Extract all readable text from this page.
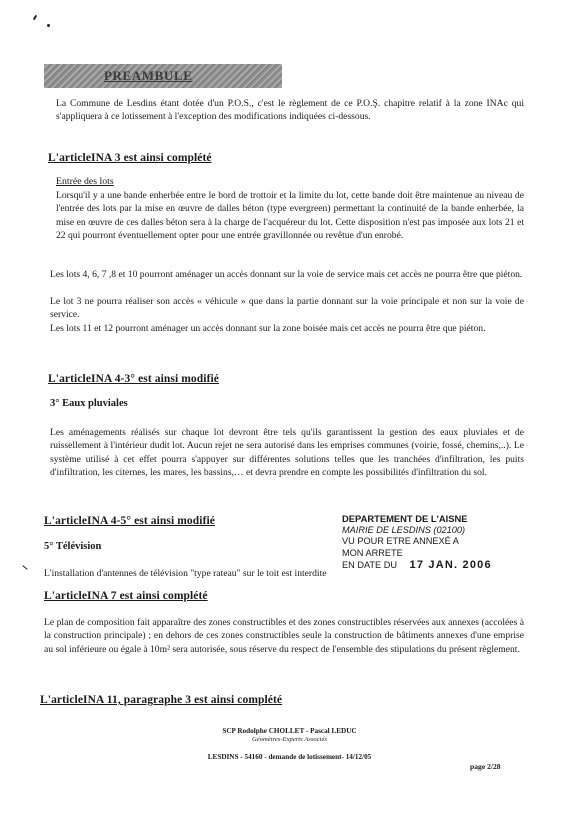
PREAMBULE
La Commune de Lesdins étant dotée d'un P.O.S., c'est le règlement de ce P.O.Ş. chapitre relatif à la zone INAc qui s'appliquera à ce lotissement à l'exception des modifications indiquées ci-dessous.
L'articleINA 3 est ainsi complété
Entrée des lots
Lorsqu'il y a une bande enherbée entre le bord de trottoir et la limite du lot, cette bande doit être maintenue au niveau de l'entrée des lots par la mise en œuvre de dalles béton (type evergreen) permettant la continuité de la bande enherbée, la mise en œuvre de ces dalles béton sera à la charge de l'acquéreur du lot. Cette disposition n'est pas imposée aux lots 21 et 22 qui pourront éventuellement opter pour une entrée gravillonnée ou revêtue d'un enrobé.
Les lots 4, 6, 7 ,8 et 10 pourront aménager un accès donnant sur la voie de service mais cet accès ne pourra être que piéton.
Le lot 3 ne pourra réaliser son accès « véhicule » que dans la partie donnant sur la voie principale et non sur la voie de service.
Les lots 11 et 12 pourront aménager un accès donnant sur la zone boisée mais cet accès ne pourra être que piéton.
L'articleINA 4-3° est ainsi modifié
3° Eaux pluviales
Les aménagements réalisés sur chaque lot devront être tels qu'ils garantissent la gestion des eaux pluviales et de ruissellement à l'intérieur dudit lot. Aucun rejet ne sera autorisé dans les emprises communes (voirie, fossé, chemins,..). Le système utilisé à cet effet pourra s'appuyer sur différentes solutions telles que les tranchées d'infiltration, les puits d'infiltration, les citernes, les mares, les bassins,… et devra prendre en compte les possibilités d'infiltration du sol.
L'articleINA 4-5° est ainsi modifié
5° Télévision
L'installation d'antennes de télévision "type rateau" sur le toit est interdite
DEPARTEMENT DE L'AISNE
MAIRIE DE LESDINS (02100)
VU POUR ETRE ANNEXÉ A
MON ARRETE
EN DATE DU 17 JAN. 2006
L'articleINA 7 est ainsi complété
Le plan de composition fait apparaître des zones constructibles et des zones constructibles réservées aux annexes (accolées à la construction principale) ; en dehors de ces zones constructibles seule la construction de bâtiments annexes d'une emprise au sol inférieure ou égale à 10m² sera autorisée, sous réserve du respect de l'ensemble des stipulations du présent règlement.
L'articleINA 11, paragraphe 3 est ainsi complété
SCP Rodolphe CHOLLET - Pascal LEDUC
Géomètres-Experts Associés
LESDINS - 54160 - demande de lotissement- 14/12/05
page 2/28
